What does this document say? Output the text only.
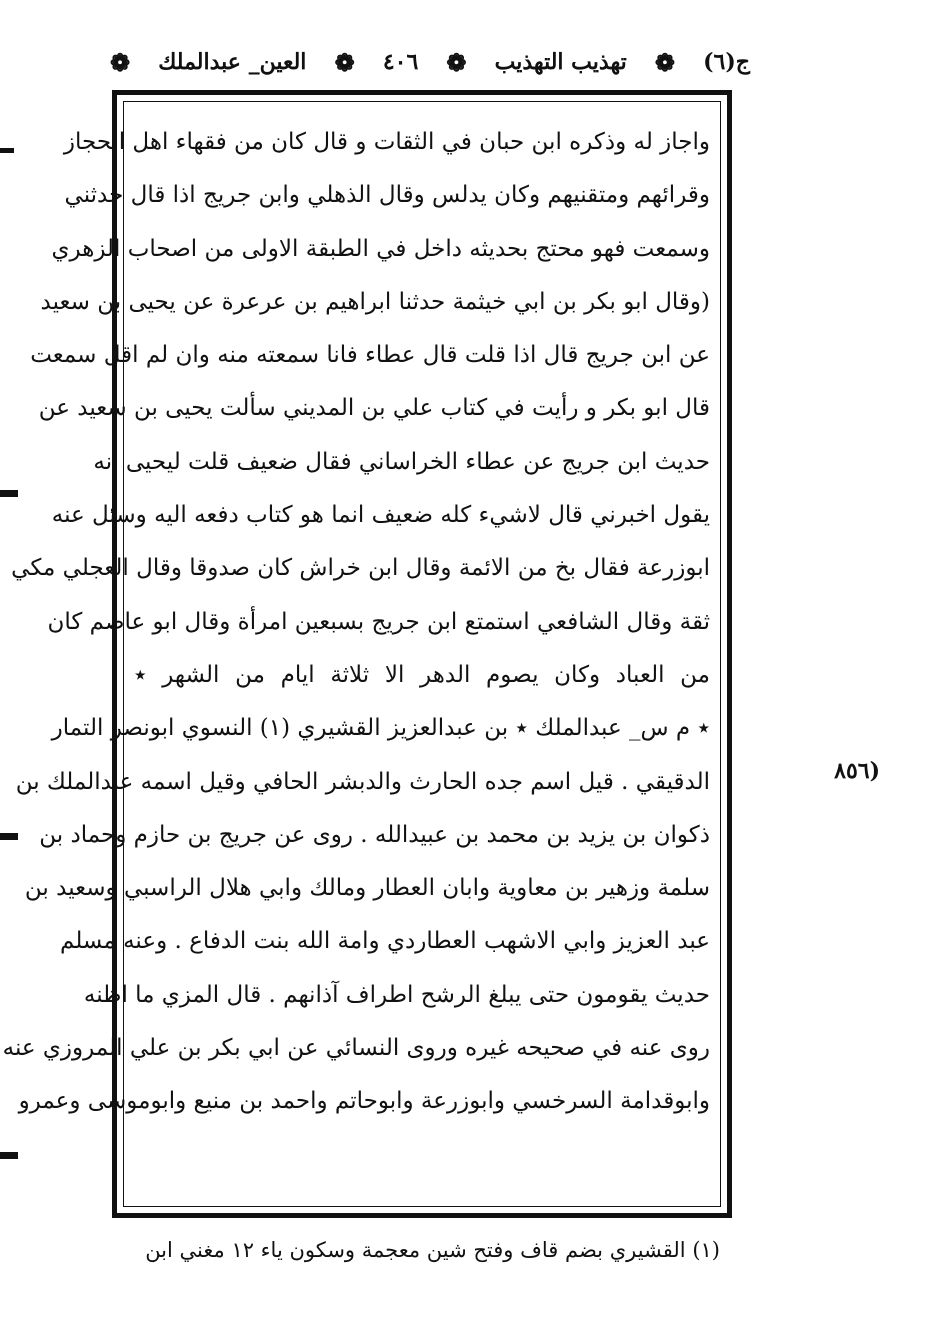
ج(٦)
❁
تهذيب التهذيب
❁
٤٠٦
❁
العين_ عبدالملك
❁
واجاز له وذكره ابن حبان في الثقات و قال كان من فقهاء اهل الحجاز
وقرائهم ومتقنيهم وكان يدلس وقال الذهلي وابن جريج اذا قال حدثني
وسمعت فهو محتج بحديثه داخل في الطبقة الاولى من اصحاب الزهري
(وقال ابو بكر بن ابي خيثمة حدثنا ابراهيم بن عرعرة عن يحيى بن سعيد
عن ابن جريج قال اذا قلت قال عطاء فانا سمعته منه وان لم اقل سمعت
قال ابو بكر و رأيت في كتاب علي بن المديني سألت يحيى بن سعيد عن
حديث ابن جريج عن عطاء الخراساني فقال ضعيف قلت ليحيى انه
يقول اخبرني قال لاشيء كله ضعيف انما هو كتاب دفعه اليه وسئل عنه
ابوزرعة فقال بخ من الائمة وقال ابن خراش كان صدوقا وقال العجلي مكي
ثقة وقال الشافعي استمتع ابن جريج بسبعين امرأة وقال ابو عاصم كان
من العباد وكان يصوم الدهر الا ثلاثة ايام من الشهر ٭
٭ م س_ عبدالملك ٭ بن عبدالعزيز القشيري (١) النسوي ابونصر التمار
الدقيقي . قيل اسم جده الحارث والدبشر الحافي وقيل اسمه عبدالملك بن
ذكوان بن يزيد بن محمد بن عبيدالله . روى عن جريج بن حازم وحماد بن
سلمة وزهير بن معاوية وابان العطار ومالك وابي هلال الراسبي وسعيد بن
عبد العزيز وابي الاشهب العطاردي وامة الله بنت الدفاع . وعنه مسلم
حديث يقومون حتى يبلغ الرشح اطراف آذانهم . قال المزي ما اظنه
روى عنه في صحيحه غيره وروى النسائي عن ابي بكر بن علي المروزي عنه
وابوقدامة السرخسي وابوزرعة وابوحاتم واحمد بن منيع وابوموسى وعمرو
(٨٥٦
(١) القشيري بضم قاف وفتح شين معجمة وسكون ياء ١٢ مغني ابن
